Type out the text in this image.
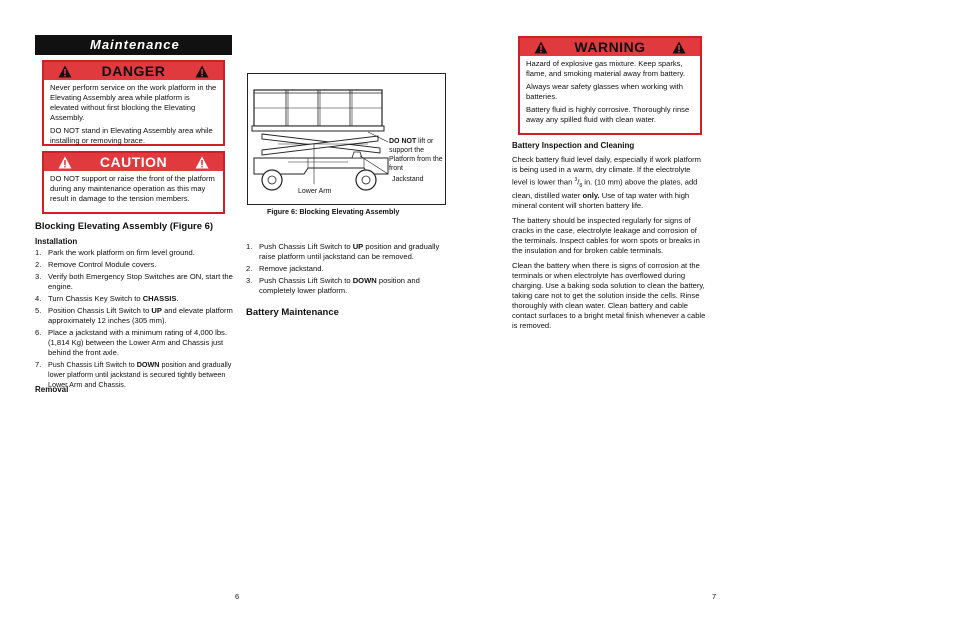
Maintenance
DANGER

Never perform service on the work platform in the Elevating Assembly area while platform is elevated without first blocking the Elevating Assembly.

DO NOT stand in Elevating Assembly area while installing or removing brace.

CAUTION

DO NOT support or raise the front of the platform during any maintenance operation as this may result in damage to the tension members.

Blocking Elevating Assembly (Figure 6)
Installation
1. Park the work platform on firm level ground.
2. Remove Control Module covers.
3. Verify both Emergency Stop Switches are ON, start the engine.
4. Turn Chassis Key Switch to CHASSIS.
5. Position Chassis Lift Switch to UP and elevate platform approximately 12 inches (305 mm).
6. Place a jackstand with a minimum rating of 4,000 lbs. (1,814 Kg) between the Lower Arm and Chassis just behind the front axle.
7. Push Chassis Lift Switch to DOWN position and gradually lower platform until jackstand is secured tightly between Lower Arm and Chassis.
Removal
6
DO NOT lift or support the Platform from the front
Jackstand
Lower Arm
Figure 6: Blocking Elevating Assembly
1. Push Chassis Lift Switch to UP position and gradually raise platform until jackstand can be removed.
2. Remove jackstand.
3. Push Chassis Lift Switch to DOWN position and completely lower platform.
Battery Maintenance
WARNING

Hazard of explosive gas mixture. Keep sparks, flame, and smoking material away from battery.

Always wear safety glasses when working with batteries.

Battery fluid is highly corrosive. Thoroughly rinse away any spilled fluid with clean water.

Battery Inspection and Cleaning

Check battery fluid level daily, especially if work platform is being used in a warm, dry climate. If the electrolyte level is lower than $^3/_8$ in. (10 mm) above the plates, add clean, distilled water only. Use of tap water with high mineral content will shorten battery life.

The battery should be inspected regularly for signs of cracks in the case, electrolyte leakage and corrosion of the terminals. Inspect cables for worn spots or breaks in the insulation and for broken cable terminals.

Clean the battery when there is signs of corrosion at the terminals or when electrolyte has overflowed during charging. Use a baking soda solution to clean the battery, taking care not to get the solution inside the cells. Rinse thoroughly with clean water. Clean battery and cable contact surfaces to a bright metal finish whenever a cable is removed.

7
